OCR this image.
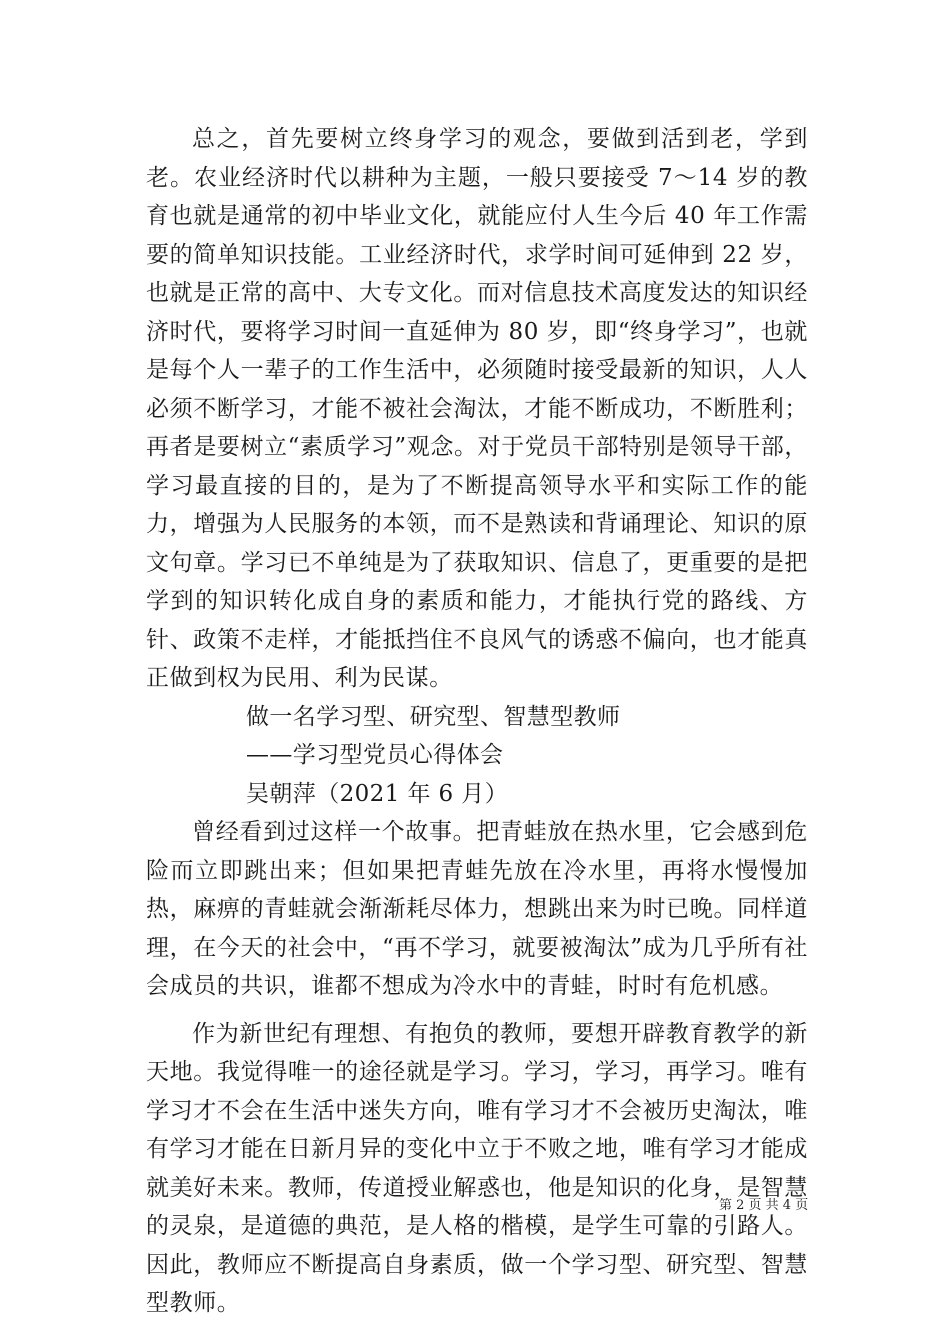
总之，首先要树立终身学习的观念，要做到活到老，学到老。农业经济时代以耕种为主题，一般只要接受 7～14 岁的教育也就是通常的初中毕业文化，就能应付人生今后 40 年工作需要的简单知识技能。工业经济时代，求学时间可延伸到 22 岁，也就是正常的高中、大专文化。而对信息技术高度发达的知识经济时代，要将学习时间一直延伸为 80 岁，即“终身学习”，也就是每个人一辈子的工作生活中，必须随时接受最新的知识，人人必须不断学习，才能不被社会淘汰，才能不断成功，不断胜利；再者是要树立“素质学习”观念。对于党员干部特别是领导干部，学习最直接的目的，是为了不断提高领导水平和实际工作的能力，增强为人民服务的本领，而不是熟读和背诵理论、知识的原文句章。学习已不单纯是为了获取知识、信息了，更重要的是把学到的知识转化成自身的素质和能力，才能执行党的路线、方针、政策不走样，才能抵挡住不良风气的诱惑不偏向，也才能真正做到权为民用、利为民谋。

做一名学习型、研究型、智慧型教师

——学习型党员心得体会

吴朝萍（2021 年 6 月）

曾经看到过这样一个故事。把青蛙放在热水里，它会感到危险而立即跳出来；但如果把青蛙先放在冷水里，再将水慢慢加热，麻痹的青蛙就会渐渐耗尽体力，想跳出来为时已晚。同样道理，在今天的社会中，“再不学习，就要被淘汰”成为几乎所有社会成员的共识，谁都不想成为冷水中的青蛙，时时有危机感。

作为新世纪有理想、有抱负的教师，要想开辟教育教学的新天地。我觉得唯一的途径就是学习。学习，学习，再学习。唯有学习才不会在生活中迷失方向，唯有学习才不会被历史淘汰，唯有学习才能在日新月异的变化中立于不败之地，唯有学习才能成就美好未来。教师，传道授业解惑也，他是知识的化身，是智慧的灵泉，是道德的典范，是人格的楷模，是学生可靠的引路人。因此，教师应不断提高自身素质，做一个学习型、研究型、智慧型教师。

第 2 页 共 4 页
